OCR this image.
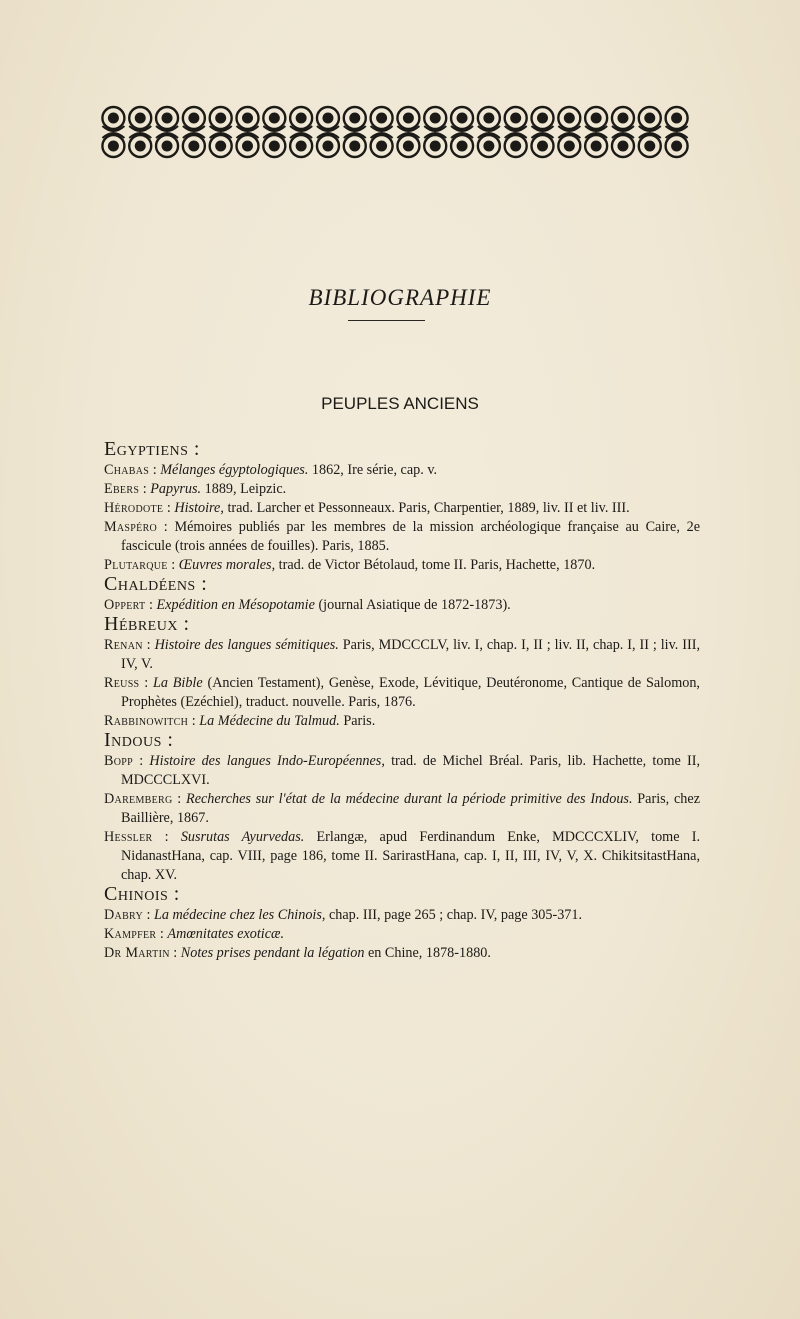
BIBLIOGRAPHIE
PEUPLES ANCIENS
Egyptiens :
Chabas : Mélanges égyptologiques. 1862, Ire série, cap. v.
Ebers : Papyrus. 1889, Leipzic.
Hérodote : Histoire, trad. Larcher et Pessonneaux. Paris, Charpentier, 1889, liv. II et liv. III.
Maspéro : Mémoires publiés par les membres de la mission archéologique française au Caire, 2e fascicule (trois années de fouilles). Paris, 1885.
Plutarque : Œuvres morales, trad. de Victor Bétolaud, tome II. Paris, Hachette, 1870.
Chaldéens :
Oppert : Expédition en Mésopotamie (journal Asiatique de 1872-1873).
Hébreux :
Renan : Histoire des langues sémitiques. Paris, MDCCCLV, liv. I, chap. I, II ; liv. II, chap. I, II ; liv. III, IV, V.
Reuss : La Bible (Ancien Testament), Genèse, Exode, Lévitique, Deutéronome, Cantique de Salomon, Prophètes (Ezéchiel), traduct. nouvelle. Paris, 1876.
Rabbinowitch : La Médecine du Talmud. Paris.
Indous :
Bopp : Histoire des langues Indo-Européennes, trad. de Michel Bréal. Paris, lib. Hachette, tome II, MDCCCLXVI.
Daremberg : Recherches sur l'état de la médecine durant la période primitive des Indous. Paris, chez Baillière, 1867.
Hessler : Susrutas Ayurvedas. Erlangæ, apud Ferdinandum Enke, MDCCCXLIV, tome I. NidanastHana, cap. VIII, page 186, tome II. SarirastHana, cap. I, II, III, IV, V, X. ChikitsitastHana, chap. XV.
Chinois :
Dabry : La médecine chez les Chinois, chap. III, page 265 ; chap. IV, page 305-371.
Kampfer : Amœnitates exoticæ.
Dr Martin : Notes prises pendant la légation en Chine, 1878-1880.
